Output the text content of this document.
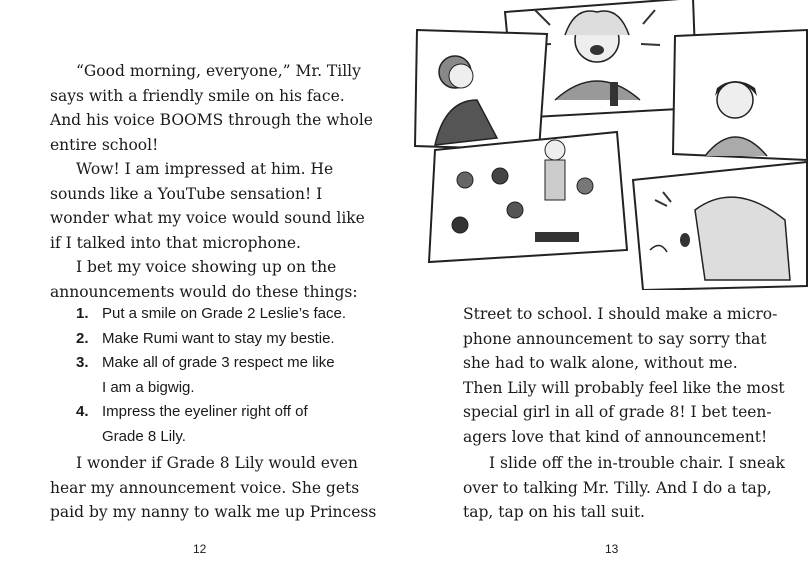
“Good morning, everyone,” Mr. Tilly
says with a friendly smile on his face.
And his voice BOOMS through the whole
entire school!

Wow! I am impressed at him. He
sounds like a YouTube sensation! I
wonder what my voice would sound like
if I talked into that microphone.

I bet my voice showing up on the
announcements would do these things:

1. Put a smile on Grade 2 Leslie’s face.
2. Make Rumi want to stay my bestie.
3. Make all of grade 3 respect me like
I am a bigwig.
4. Impress the eyeliner right off of
Grade 8 Lily.

I wonder if Grade 8 Lily would even
hear my announcement voice. She gets
paid by my nanny to walk me up Princess

12

Street to school. I should make a micro-
phone announcement to say sorry that
she had to walk alone, without me.
Then Lily will probably feel like the most
special girl in all of grade 8! I bet teen-
agers love that kind of announcement!

I slide off the in-trouble chair. I sneak
over to talking Mr. Tilly. And I do a tap,
tap, tap on his tall suit.

13
